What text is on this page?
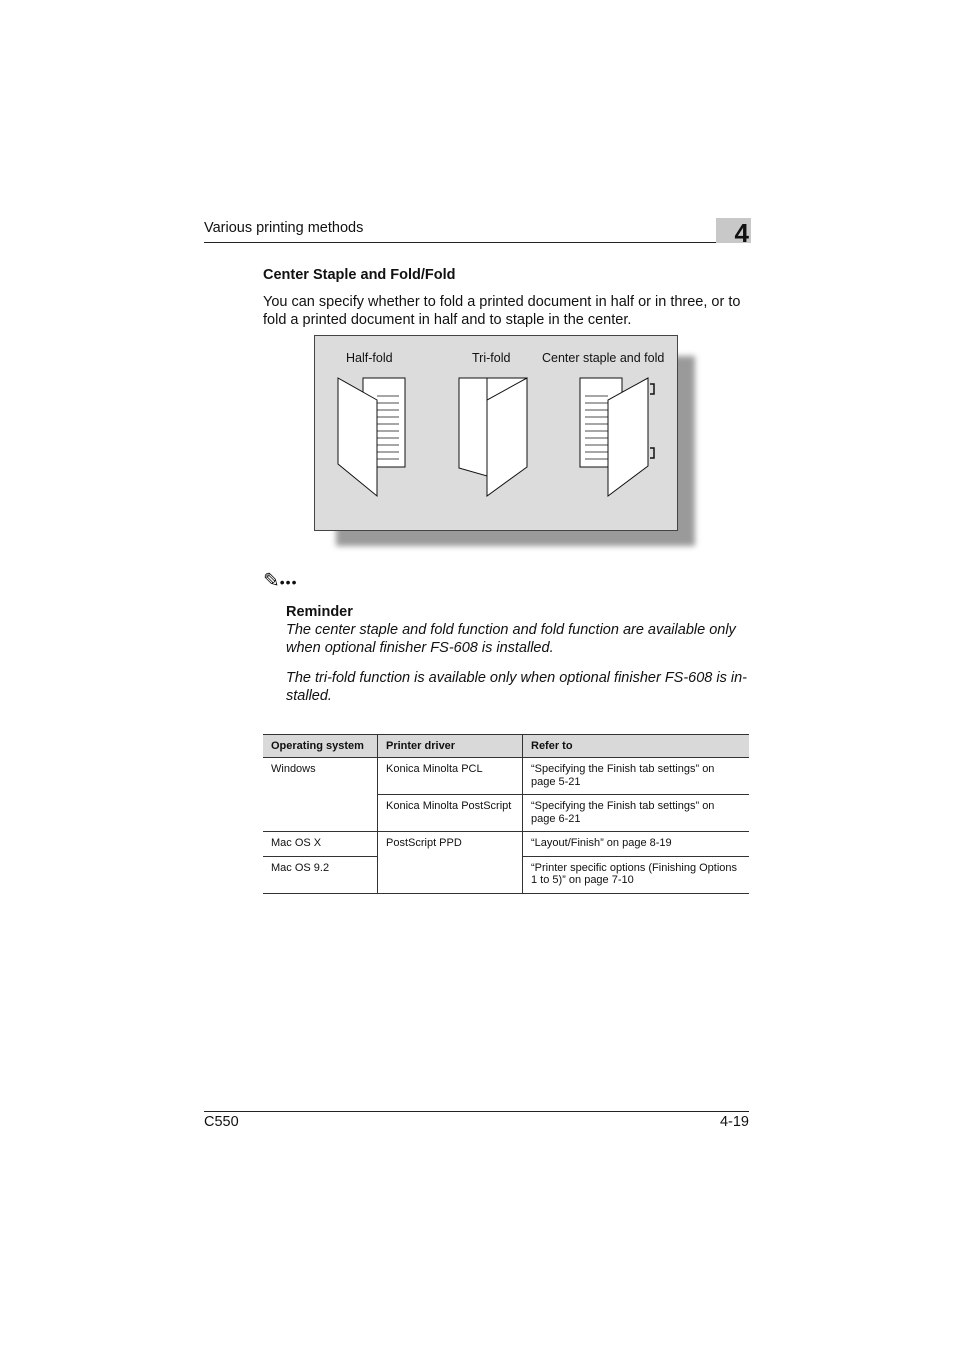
Various printing methods	4
Center Staple and Fold/Fold
You can specify whether to fold a printed document in half or in three, or to fold a printed document in half and to staple in the center.
Half-fold	Tri-fold	Center staple and fold
✎•••
Reminder
The center staple and fold function and fold function are available only when optional finisher FS-608 is installed.
The tri-fold function is available only when optional finisher FS-608 is in-stalled.
Operating system	Printer driver	Refer to
Windows	Konica Minolta PCL	“Specifying the Finish tab settings” on page 5-21
	Konica Minolta PostScript	“Specifying the Finish tab settings” on page 6-21
Mac OS X	PostScript PPD	“Layout/Finish” on page 8-19
Mac OS 9.2		“Printer specific options (Finishing Options 1 to 5)” on page 7-10
C550	4-19
